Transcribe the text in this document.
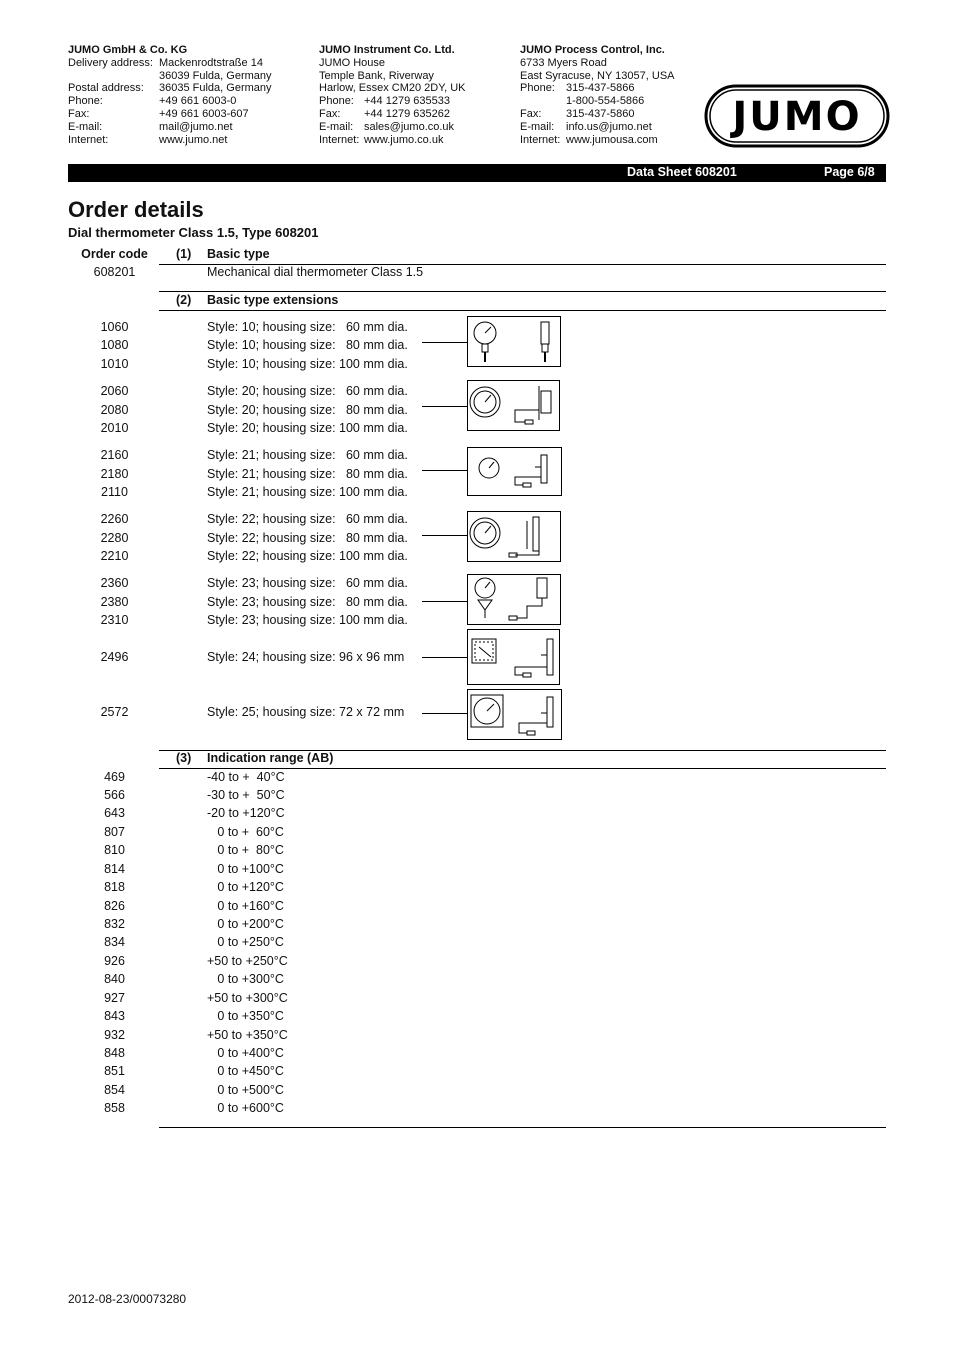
JUMO GmbH & Co. KG
Delivery address: Mackenrodtstraße 14
36039 Fulda, Germany
Postal address: 36035 Fulda, Germany
Phone:	+49 661 6003-0
Fax:	+49 661 6003-607
E-mail:	mail@jumo.net
Internet:	www.jumo.net
JUMO Instrument Co. Ltd.
JUMO House
Temple Bank, Riverway
Harlow, Essex CM20 2DY, UK
Phone: +44 1279 635533
Fax: +44 1279 635262
E-mail: sales@jumo.co.uk
Internet: www.jumo.co.uk
JUMO Process Control, Inc.
6733 Myers Road
East Syracuse, NY 13057, USA
Phone: 315-437-5866
1-800-554-5866
Fax: 315-437-5860
E-mail: info.us@jumo.net
Internet: www.jumousa.com JUMO
Data Sheet 608201	Page 6/8
Order details
Dial thermometer Class 1.5, Type 608201
Order code	(1) Basic type
608201	Mechanical dial thermometer Class 1.5
(2) Basic type extensions
1060	Style: 10; housing size:   60 mm dia.
1080	Style: 10; housing size:   80 mm dia.
1010	Style: 10; housing size: 100 mm dia.
2060	Style: 20; housing size:   60 mm dia.
2080	Style: 20; housing size:   80 mm dia.
2010	Style: 20; housing size: 100 mm dia.
2160	Style: 21; housing size:   60 mm dia.
2180	Style: 21; housing size:   80 mm dia.
2110	Style: 21; housing size: 100 mm dia.
2260	Style: 22; housing size:   60 mm dia.
2280	Style: 22; housing size:   80 mm dia.
2210	Style: 22; housing size: 100 mm dia.
2360	Style: 23; housing size:   60 mm dia.
2380	Style: 23; housing size:   80 mm dia.
2310	Style: 23; housing size: 100 mm dia.
2496	Style: 24; housing size: 96 x 96 mm
2572	Style: 25; housing size: 72 x 72 mm
(3) Indication range (AB)
469	-40 to +  40°C
566	-30 to +  50°C
643	-20 to +120°C
807	0 to +  60°C
810	0 to +  80°C
814	0 to +100°C
818	0 to +120°C
826	0 to +160°C
832	0 to +200°C
834	0 to +250°C
926	+50 to +250°C
840	0 to +300°C
927	+50 to +300°C
843	0 to +350°C
932	+50 to +350°C
848	0 to +400°C
851	0 to +450°C
854	0 to +500°C
858	0 to +600°C
2012-08-23/00073280
